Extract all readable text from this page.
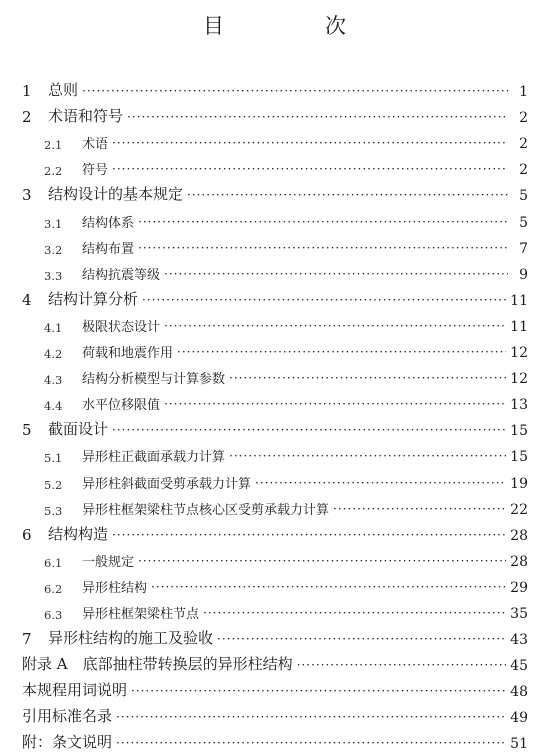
目　次
1	总则 ·····	1
2	术语和符号 ·····	2
2.1	术语 ·····	2
2.2	符号 ·····	2
3	结构设计的基本规定 ·····	5
3.1	结构体系 ·····	5
3.2	结构布置 ·····	7
3.3	结构抗震等级 ·····	9
4	结构计算分析 ·····	11
4.1	极限状态设计 ·····	11
4.2	荷载和地震作用 ·····	12
4.3	结构分析模型与计算参数 ·····	12
4.4	水平位移限值 ·····	13
5	截面设计 ·····	15
5.1	异形柱正截面承载力计算 ·····	15
5.2	异形柱斜截面受剪承载力计算 ·····	19
5.3	异形柱框架梁柱节点核心区受剪承载力计算 ·····	22
6	结构构造 ·····	28
6.1	一般规定 ·····	28
6.2	异形柱结构 ·····	29
6.3	异形柱框架梁柱节点 ·····	35
7	异形柱结构的施工及验收 ·····	43
附录 A　底部抽柱带转换层的异形柱结构 ·····	45
本规程用词说明 ·····	48
引用标准名录 ·····	49
附：条文说明 ·····	51
